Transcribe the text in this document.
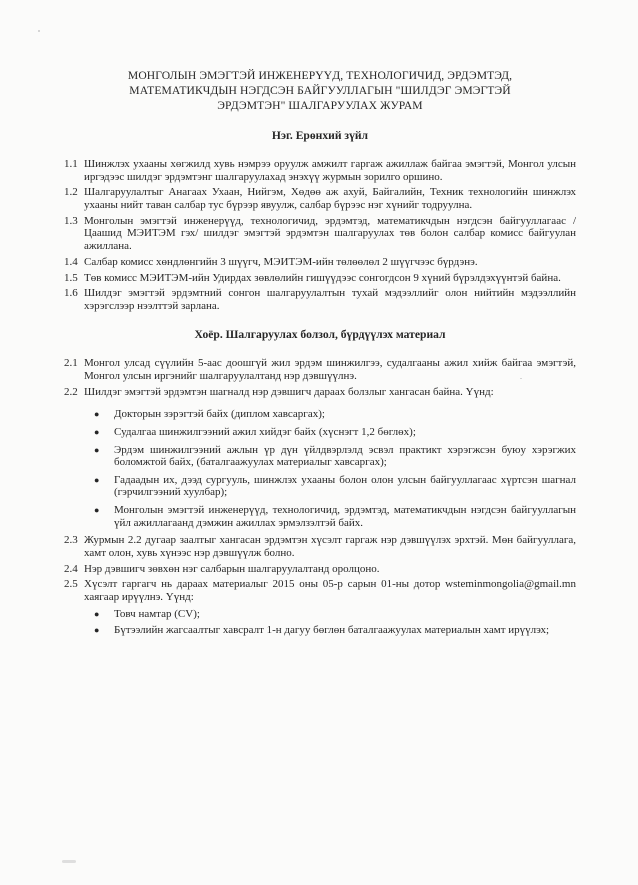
МОНГОЛЫН ЭМЭГТЭЙ ИНЖЕНЕРҮҮД, ТЕХНОЛОГИЧИД, ЭРДЭМТЭД,
МАТЕМАТИКЧДЫН НЭГДСЭН БАЙГУУЛЛАГЫН "ШИЛДЭГ ЭМЭГТЭЙ
ЭРДЭМТЭН" ШАЛГАРУУЛАХ ЖУРАМ
Нэг. Ерөнхий зүйл
1.1 Шинжлэх ухааны хөгжилд хувь нэмрээ оруулж амжилт гаргаж ажиллаж байгаа эмэгтэй, Монгол улсын иргэдээс шилдэг эрдэмтэнг шалгаруулахад энэхүү журмын зорилго оршино.
1.2 Шалгаруулалтыг Анагаах Ухаан, Нийгэм, Хөдөө аж ахуй, Байгалийн, Техник технологийн шинжлэх ухааны нийт таван салбар тус бүрээр явуулж, салбар бүрээс нэг хүнийг тодруулна.
1.3 Монголын эмэгтэй инженерүүд, технологичид, эрдэмтэд, математикчдын нэгдсэн байгууллагаас /Цаашид МЭИТЭМ гэх/ шилдэг эмэгтэй эрдэмтэн шалгаруулах төв болон салбар комисс байгуулан ажиллана.
1.4 Салбар комисс хөндлөнгийн 3 шүүгч, МЭИТЭМ-ийн төлөөлөл 2 шүүгчээс бүрдэнэ.
1.5 Төв комисс МЭИТЭМ-ийн Удирдах зөвлөлийн гишүүдээс сонгогдсон 9 хүний бүрэлдэхүүнтэй байна.
1.6 Шилдэг эмэгтэй эрдэмтний сонгон шалгаруулалтын тухай мэдээллийг олон нийтийн мэдээллийн хэрэгслээр нээлттэй зарлана.
Хоёр. Шалгаруулах болзол, бүрдүүлэх материал
2.1 Монгол улсад сүүлийн 5-аас доошгүй жил эрдэм шинжилгээ, судалгааны ажил хийж байгаа эмэгтэй, Монгол улсын иргэнийг шалгаруулалтанд нэр дэвшүүлнэ.
2.2 Шилдэг эмэгтэй эрдэмтэн шагналд нэр дэвшигч дараах болзлыг хангасан байна. Үүнд:
●	Докторын зэрэгтэй байх (диплом хавсаргах);
●	Судалгаа шинжилгээний ажил хийдэг байх (хүснэгт 1,2 бөглөх);
●	Эрдэм шинжилгээний ажлын үр дүн үйлдвэрлэлд эсвэл практикт хэрэгжсэн буюу хэрэгжих боломжтой байх, (баталгаажуулах материалыг хавсаргах);
●	Гадаадын их, дээд сургууль, шинжлэх ухааны болон олон улсын байгууллагаас хүртсэн шагнал (гэрчилгээний хуулбар);
●	Монголын эмэгтэй инженерүүд, технологичид, эрдэмтэд, математикчдын нэгдсэн байгууллагын үйл ажиллагаанд дэмжин ажиллах эрмэлзэлтэй байх.
2.3 Журмын 2.2 дугаар заалтыг хангасан эрдэмтэн хүсэлт гаргаж нэр дэвшүүлэх эрхтэй. Мөн байгууллага, хамт олон, хувь хүнээс нэр дэвшүүлж болно.
2.4 Нэр дэвшигч зөвхөн нэг салбарын шалгаруулалтанд оролцоно.
2.5 Хүсэлт гаргагч нь дараах материалыг 2015 оны 05-р сарын 01-ны дотор wsteminmongolia@gmail.mn хаягаар ирүүлнэ. Үүнд:
●	Товч намтар (CV);
●	Бүтээлийн жагсаалтыг хавсралт 1-н дагуу бөглөн баталгаажуулах материалын хамт ирүүлэх;
